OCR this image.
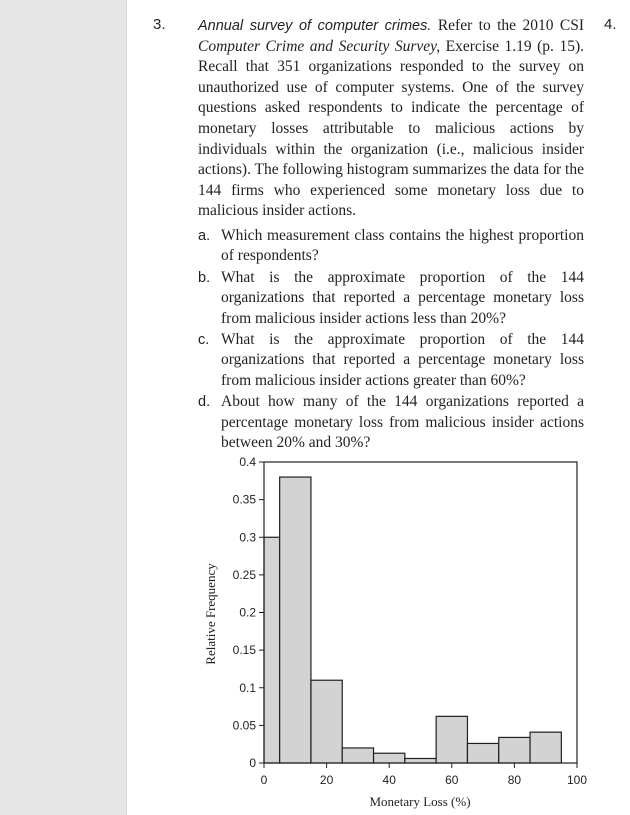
3.	4.
Annual survey of computer crimes. Refer to the 2010 CSI Computer Crime and Security Survey, Exercise 1.19 (p. 15). Recall that 351 organizations responded to the survey on unauthorized use of computer systems. One of the survey questions asked respondents to indicate the percentage of monetary losses attributable to malicious actions by individuals within the organization (i.e., malicious insider actions). The following histogram summarizes the data for the 144 firms who experienced some monetary loss due to malicious insider actions.
a. Which measurement class contains the highest proportion of respondents?
b. What is the approximate proportion of the 144 organizations that reported a percentage monetary loss from malicious insider actions less than 20%?
c. What is the approximate proportion of the 144 organizations that reported a percentage monetary loss from malicious insider actions greater than 60%?
d. About how many of the 144 organizations reported a percentage monetary loss from malicious insider actions between 20% and 30%?
0
0.05
0.1
0.15
0.2
0.25
0.3
0.35
0.4
0	20	40	60	80	100
Monetary Loss (%)
Relative Frequency
